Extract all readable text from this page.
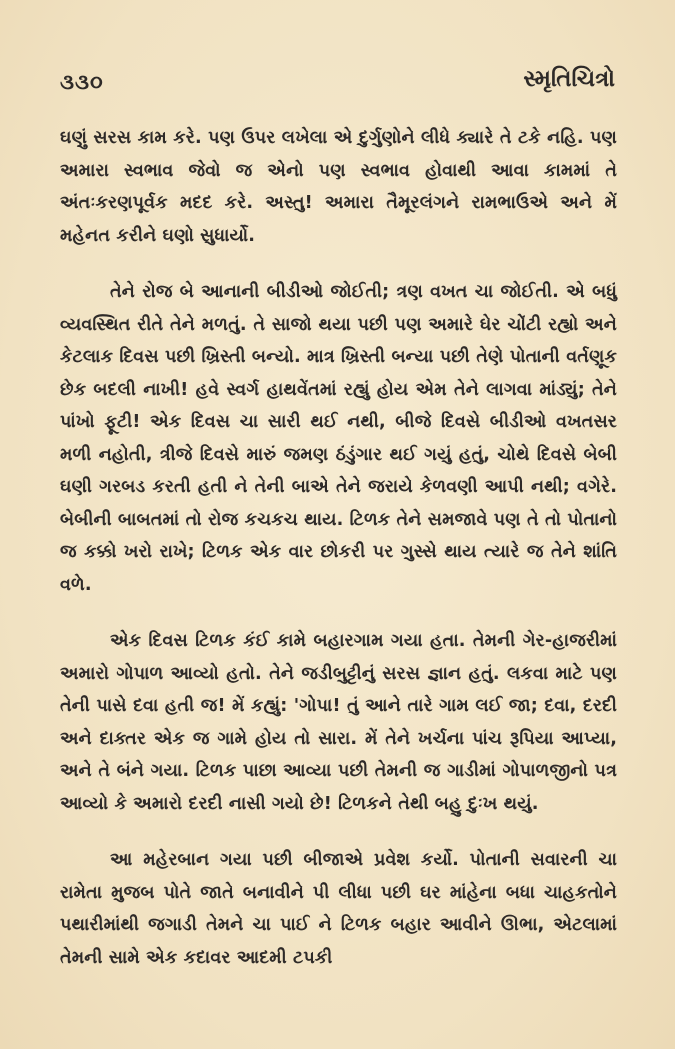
૩૩૦	સ્મૃતિચિત્રો

ઘણું સરસ કામ કરે. પણ ઉપર લખેલા એ દુર્ગુણોને લીધે ક્યારે તે ટકે નહિ. પણ અમારા સ્વભાવ જેવો જ એનો પણ સ્વભાવ હોવાથી આવા કામમાં તે અંતઃકરણપૂર્વક મદદ કરે. અસ્તુ! અમારા તૈમૂરલંગને રામભાઉએ અને મેં મહેનત કરીને ઘણો સુધાર્યો.

તેને રોજ બે આનાની બીડીઓ જોઈતી; ત્રણ વખત ચા જોઈતી. એ બધું વ્યવસ્થિત રીતે તેને મળતું. તે સાજો થયા પછી પણ અમારે ઘેર ચોંટી રહ્યો અને કેટલાક દિવસ પછી ખ્રિસ્તી બન્યો. માત્ર ખ્રિસ્તી બન્યા પછી તેણે પોતાની વર્તણૂક છેક બદલી નાખી! હવે સ્વર્ગ હાથવેંતમાં રહ્યું હોય એમ તેને લાગવા માંડ્યું; તેને પાંખો ફૂટી! એક દિવસ ચા સારી થઈ નથી, બીજે દિવસે બીડીઓ વખતસર મળી નહોતી, ત્રીજે દિવસે મારું જમણ ઠંડુંગાર થઈ ગયું હતું, ચોથે દિવસે બેબી ઘણી ગરબડ કરતી હતી ને તેની બાએ તેને જરાયે કેળવણી આપી નથી; વગેરે. બેબીની બાબતમાં તો રોજ કચકચ થાય. ટિળક તેને સમજાવે પણ તે તો પોતાનો જ કક્કો ખરો રાખે; ટિળક એક વાર છોકરી પર ગુસ્સે થાય ત્યારે જ તેને શાંતિ વળે.

એક દિવસ ટિળક કંઈ કામે બહારગામ ગયા હતા. તેમની ગેર-હાજરીમાં અમારો ગોપાળ આવ્યો હતો. તેને જડીબુટ્ટીનું સરસ જ્ઞાન હતું. લકવા માટે પણ તેની પાસે દવા હતી જ! મેં કહ્યું: 'ગોપા! તું આને તારે ગામ લઈ જા; દવા, દરદી અને દાક્તર એક જ ગામે હોય તો સારા. મેં તેને ખર્ચના પાંચ રૂપિયા આપ્યા, અને તે બંને ગયા. ટિળક પાછા આવ્યા પછી તેમની જ ગાડીમાં ગોપાળજીનો પત્ર આવ્યો કે અમારો દરદી નાસી ગયો છે! ટિળકને તેથી બહુ દુઃખ થયું.

આ મહેરબાન ગયા પછી બીજાએ પ્રવેશ કર્યો. પોતાની સવારની ચા રામેતા મુજબ પોતે જાતે બનાવીને પી લીધા પછી ઘર માંહેના બધા ચાહકતોને પથારીમાંથી જગાડી તેમને ચા પાઈ ને ટિળક બહાર આવીને ઊભા, એટલામાં તેમની સામે એક કદાવર આદમી ટપકી
